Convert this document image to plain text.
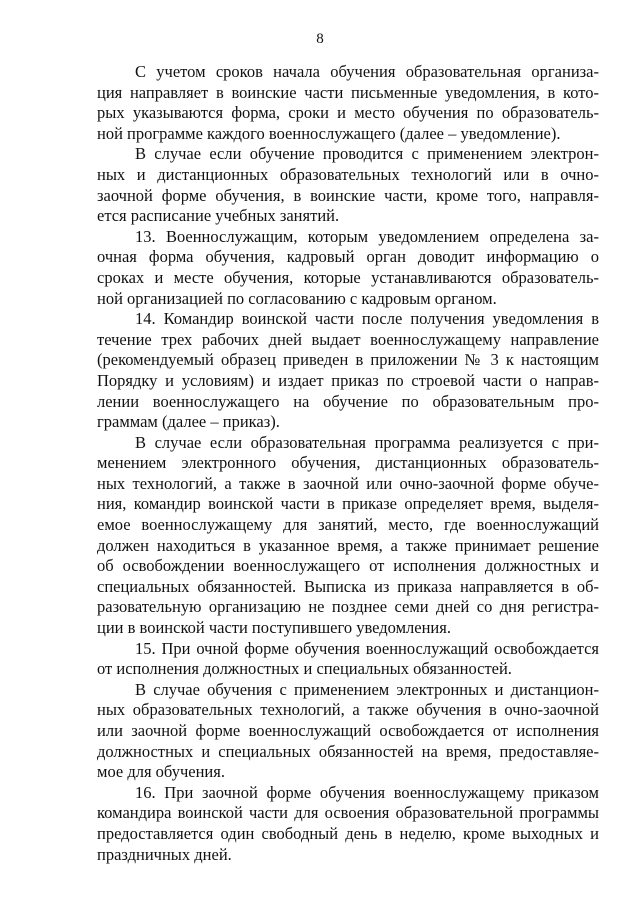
8
С учетом сроков начала обучения образовательная организа-
ция направляет в воинские части письменные уведомления, в кото-
рых указываются форма, сроки и место обучения по образователь-
ной программе каждого военнослужащего (далее – уведомление).
В случае если обучение проводится с применением электрон-
ных и дистанционных образовательных технологий или в очно-
заочной форме обучения, в воинские части, кроме того, направля-
ется расписание учебных занятий.
13. Военнослужащим, которым уведомлением определена за-
очная форма обучения, кадровый орган доводит информацию о
сроках и месте обучения, которые устанавливаются образователь-
ной организацией по согласованию с кадровым органом.
14. Командир воинской части после получения уведомления в
течение трех рабочих дней выдает военнослужащему направление
(рекомендуемый образец приведен в приложении № 3 к настоящим
Порядку и условиям) и издает приказ по строевой части о направ-
лении военнослужащего на обучение по образовательным про-
граммам (далее – приказ).
В случае если образовательная программа реализуется с при-
менением электронного обучения, дистанционных образователь-
ных технологий, а также в заочной или очно-заочной форме обуче-
ния, командир воинской части в приказе определяет время, выделя-
емое военнослужащему для занятий, место, где военнослужащий
должен находиться в указанное время, а также принимает решение
об освобождении военнослужащего от исполнения должностных и
специальных обязанностей. Выписка из приказа направляется в об-
разовательную организацию не позднее семи дней со дня регистра-
ции в воинской части поступившего уведомления.
15. При очной форме обучения военнослужащий освобождается
от исполнения должностных и специальных обязанностей.
В случае обучения с применением электронных и дистанцион-
ных образовательных технологий, а также обучения в очно-заочной
или заочной форме военнослужащий освобождается от исполнения
должностных и специальных обязанностей на время, предоставляе-
мое для обучения.
16. При заочной форме обучения военнослужащему приказом
командира воинской части для освоения образовательной программы
предоставляется один свободный день в неделю, кроме выходных и
праздничных дней.
